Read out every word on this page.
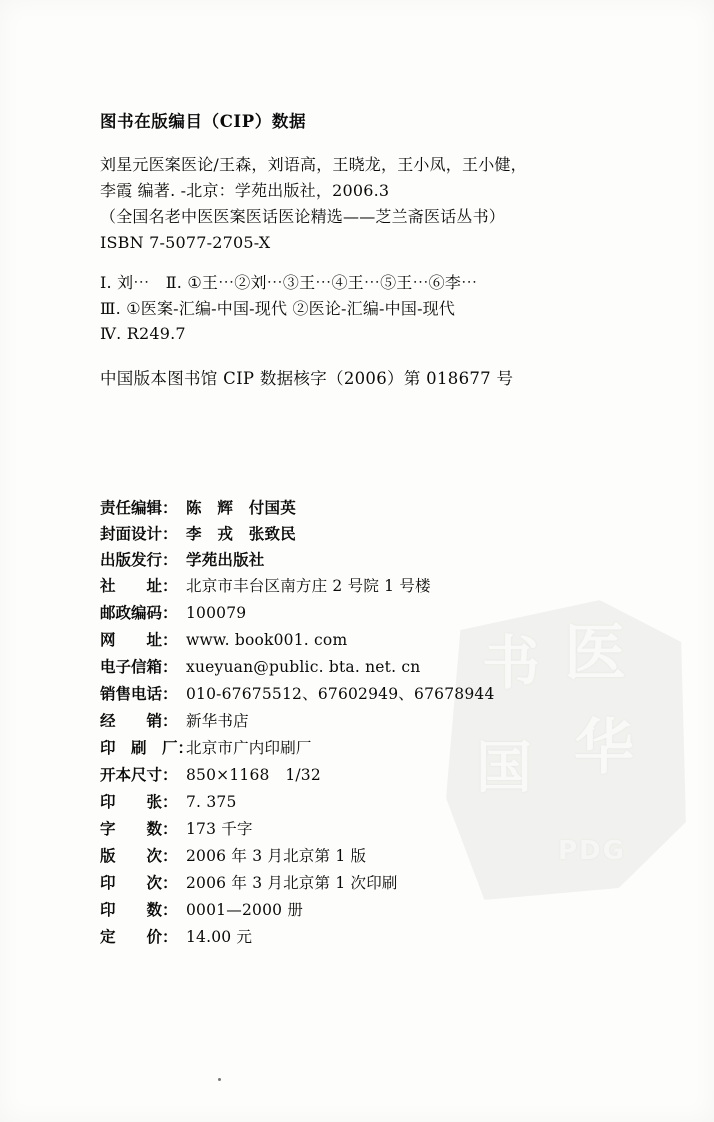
医
书
华
国
PDG
图书在版编目（CIP）数据
刘星元医案医论/王森，刘语高，王晓龙，王小凤，王小健，
李霞 编著. -北京：学苑出版社，2006.3
（全国名老中医医案医话医论精选——芝兰斋医话丛书）
ISBN 7-5077-2705-X
Ⅰ. 刘⋯　Ⅱ. ①王⋯②刘⋯③王⋯④王⋯⑤王⋯⑥李⋯
Ⅲ. ①医案-汇编-中国-现代 ②医论-汇编-中国-现代
Ⅳ. R249.7
中国版本图书馆 CIP 数据核字（2006）第 018677 号
责任编辑： 陈　辉　付国英
封面设计： 李　戎　张致民
出版发行： 学苑出版社
社　　址： 北京市丰台区南方庄 2 号院 1 号楼
邮政编码： 100079
网　　址： www. book001. com
电子信箱： xueyuan@public. bta. net. cn
销售电话： 010-67675512、67602949、67678944
经　　销： 新华书店
印　刷　厂：
北京市广内印刷厂
开本尺寸： 850×1168　1/32
印　　张： 7. 375
字　　数： 173 千字
版　　次： 2006 年 3 月北京第 1 版
印　　次： 2006 年 3 月北京第 1 次印刷
印　　数： 0001—2000 册
定　　价： 14.00 元
